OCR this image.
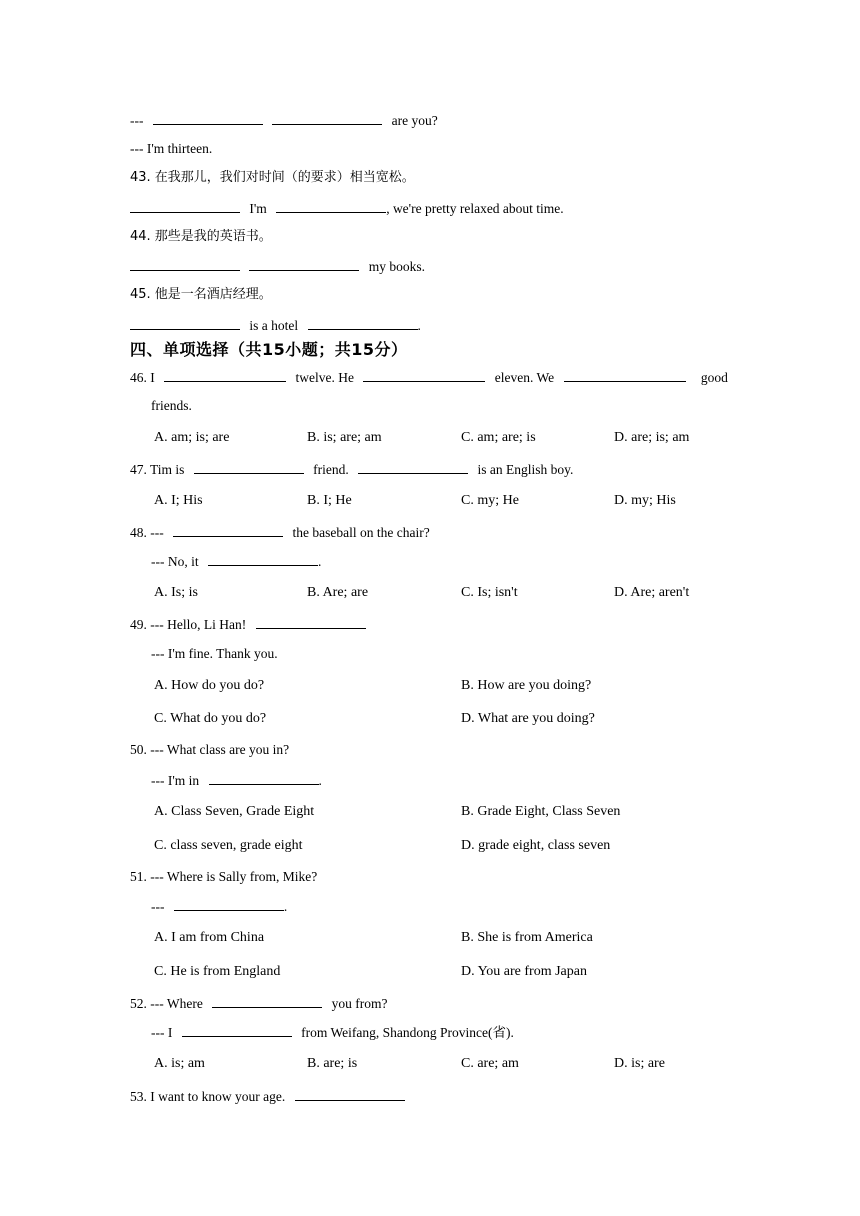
---	are you?
--- I'm thirteen.
43. 在我那儿，我们对时间（的要求）相当宽松。
I'm	, we're pretty relaxed about time.
44. 那些是我的英语书。
my books.
45. 他是一名酒店经理。
is a hotel	.
四、单项选择（共15小题；共15分）
46. I	twelve. He	eleven. We	good
friends.
A. am; is; are	B. is; are; am	C. am; are; is	D. are; is; am
47. Tim is	friend.	is an English boy.
A. I; His	B. I; He	C. my; He	D. my; His
48. ---	the baseball on the chair?
--- No, it	.
A. Is; is	B. Are; are	C. Is; isn't	D. Are; aren't
49. --- Hello, Li Han!
--- I'm fine. Thank you.
A. How do you do?	B. How are you doing?
C. What do you do?	D. What are you doing?
50. --- What class are you in?
--- I'm in	.
A. Class Seven, Grade Eight	B. Grade Eight, Class Seven
C. class seven, grade eight	D. grade eight, class seven
51. --- Where is Sally from, Mike?
---	.
A. I am from China	B. She is from America
C. He is from England	D. You are from Japan
52. --- Where	you from?
--- I	from Weifang, Shandong Province(省).
A. is; am	B. are; is	C. are; am	D. is; are
53. I want to know your age.
